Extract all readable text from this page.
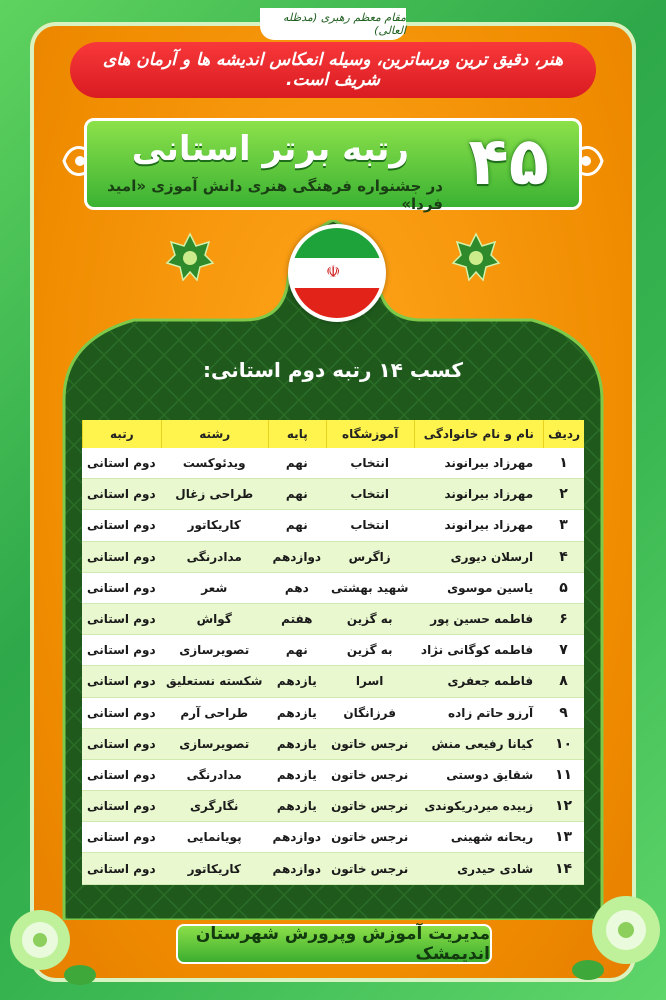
مقام معظم رهبری (مدظله العالی)
هنر، دقیق ترین ورساترین، وسیله انعکاس اندیشه ها و آرمان های شریف است.
۴۵
رتبه برتر استانی
در جشنواره فرهنگی هنری دانش آموزی «امید فردا»
☫
کسب ۱۴ رتبه دوم استانی:
ردیف	نام و نام خانوادگی	آموزشگاه	پایه	رشته	رتبه
۱	مهرزاد بیرانوند	انتخاب	نهم	ویدئوکست	دوم استانی
۲	مهرزاد بیرانوند	انتخاب	نهم	طراحی زغال	دوم استانی
۳	مهرزاد بیرانوند	انتخاب	نهم	کاریکاتور	دوم استانی
۴	ارسلان دیوری	زاگرس	دوازدهم	مدادرنگی	دوم استانی
۵	یاسین موسوی	شهید بهشتی	دهم	شعر	دوم استانی
۶	فاطمه حسین پور	به گزین	هفتم	گواش	دوم استانی
۷	فاطمه کوگانی نژاد	به گزین	نهم	تصویرسازی	دوم استانی
۸	فاطمه جعفری	اسرا	یازدهم	شکسته نستعلیق	دوم استانی
۹	آرزو حاتم زاده	فرزانگان	یازدهم	طراحی آرم	دوم استانی
۱۰	کیانا رفیعی منش	نرجس خاتون	یازدهم	تصویرسازی	دوم استانی
۱۱	شقایق دوستی	نرجس خاتون	یازدهم	مدادرنگی	دوم استانی
۱۲	زبیده میردریکوندی	نرجس خاتون	یازدهم	نگارگری	دوم استانی
۱۳	ریحانه شهینی	نرجس خاتون	دوازدهم	پویانمایی	دوم استانی
۱۴	شادی حیدری	نرجس خاتون	دوازدهم	کاریکاتور	دوم استانی
مدیریت آموزش وپرورش شهرستان اندیمشک
